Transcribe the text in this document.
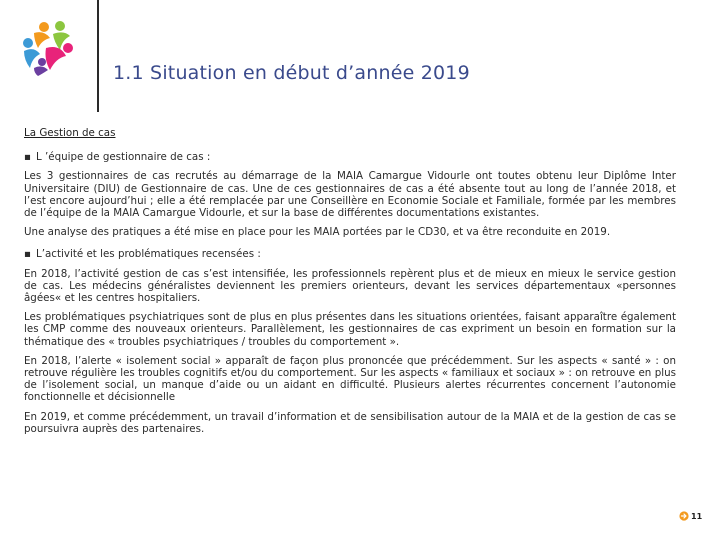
1.1 Situation en début d’année 2019
La Gestion de cas
▪ L ’équipe de gestionnaire de cas :
Les 3 gestionnaires de cas recrutés au démarrage de la MAIA Camargue Vidourle ont toutes obtenu leur Diplôme Inter Universitaire (DIU) de Gestionnaire de cas. Une de ces gestionnaires de cas a été absente tout au long de l’année 2018, et l’est encore aujourd’hui ; elle a été remplacée par une Conseillère en Economie Sociale et Familiale, formée par les membres de l’équipe de la MAIA Camargue Vidourle, et sur la base de différentes documentations existantes.
Une analyse des pratiques a été mise en place pour les MAIA portées par le CD30, et va être reconduite en 2019.
▪ L’activité et les problématiques recensées :
En 2018, l’activité gestion de cas s’est intensifiée, les professionnels repèrent plus et de mieux en mieux le service gestion de cas. Les médecins généralistes deviennent les premiers orienteurs, devant les services départementaux «personnes âgées« et les centres hospitaliers.
Les problématiques psychiatriques sont de plus en plus présentes dans les situations orientées, faisant apparaître également les CMP comme des nouveaux orienteurs. Parallèlement, les gestionnaires de cas expriment un besoin en formation sur la thématique des « troubles psychiatriques / troubles du comportement ».
En 2018, l’alerte « isolement social » apparaît de façon plus prononcée que précédemment. Sur les aspects « santé » : on retrouve régulière les troubles cognitifs et/ou du comportement. Sur les aspects « familiaux et sociaux » : on retrouve en plus de l’isolement social, un manque d’aide ou un aidant en difficulté. Plusieurs alertes récurrentes concernent l’autonomie fonctionnelle et décisionnelle
En 2019, et comme précédemment, un travail d’information et de sensibilisation autour de la MAIA et de la gestion de cas se poursuivra auprès des partenaires.
11
